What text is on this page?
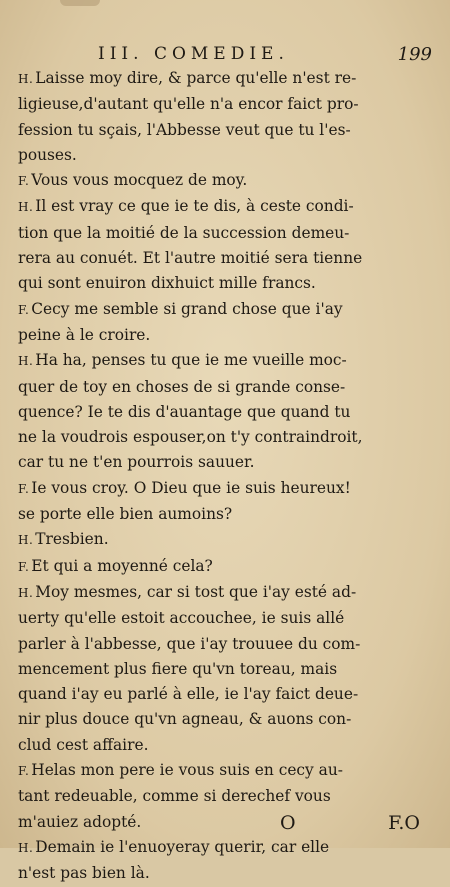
III. COMEDIE.	199
H. Laisse moy dire, & parce qu'elle n'est re-
ligieuse,d'autant qu'elle n'a encor faict pro-
fession tu sçais, l'Abbesse veut que tu l'es-
pouses.
F. Vous vous mocquez de moy.
H. Il est vray ce que ie te dis, à ceste condi-
tion que la moitié de la succession demeu-
rera au conuét. Et l'autre moitié sera tienne
qui sont enuiron dixhuict mille francs.
F. Cecy me semble si grand chose que i'ay
peine à le croire.
H. Ha ha, penses tu que ie me vueille moc-
quer de toy en choses de si grande conse-
quence? Ie te dis d'auantage que quand tu
ne la voudrois espouser,on t'y contraindroit,
car tu ne t'en pourrois sauuer.
F. Ie vous croy. O Dieu que ie suis heureux!
se porte elle bien aumoins?
H. Tresbien.
F. Et qui a moyenné cela?
H. Moy mesmes, car si tost que i'ay esté ad-
uerty qu'elle estoit accouchee, ie suis allé
parler à l'abbesse, que i'ay trouuee du com-
mencement plus fiere qu'vn toreau, mais
quand i'ay eu parlé à elle, ie l'ay faict deue-
nir plus douce qu'vn agneau, & auons con-
clud cest affaire.
F. Helas mon pere ie vous suis en cecy au-
tant redeuable, comme si derechef vous
m'auiez adopté.
H. Demain ie l'enuoyeray querir, car elle
n'est pas bien là.
O	F.O
